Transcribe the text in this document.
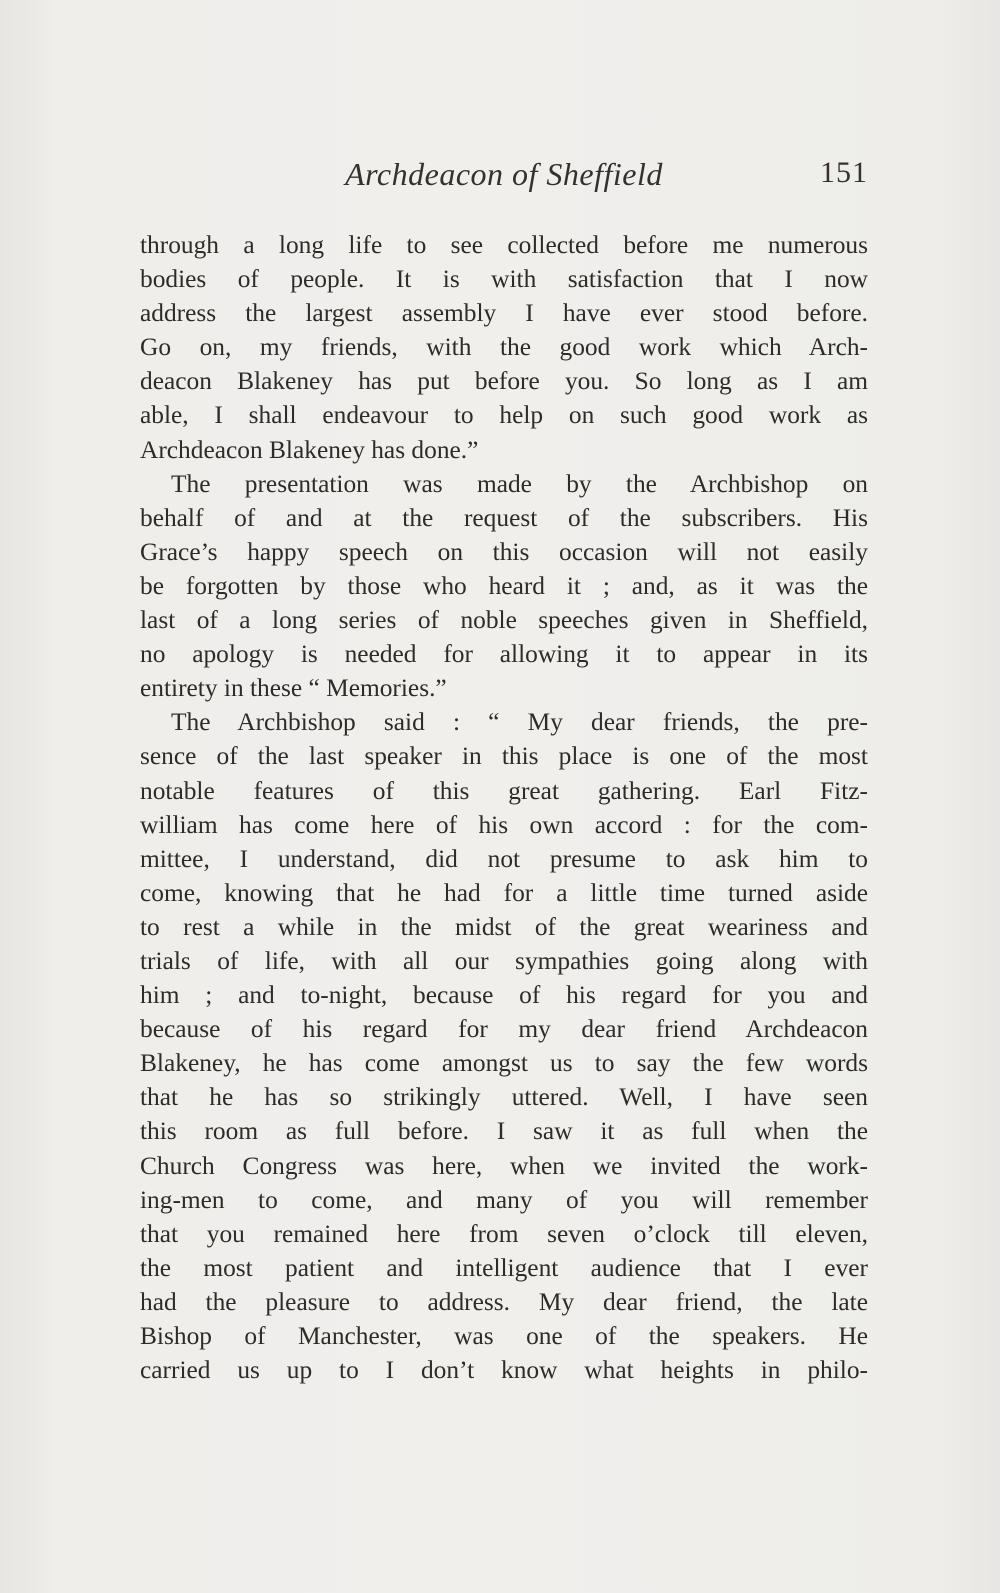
Archdeacon of Sheffield	151
through a long life to see collected before me numerous
bodies of people. It is with satisfaction that I now
address the largest assembly I have ever stood before.
Go on, my friends, with the good work which Arch-
deacon Blakeney has put before you. So long as I am
able, I shall endeavour to help on such good work as
Archdeacon Blakeney has done.”
The presentation was made by the Archbishop on
behalf of and at the request of the subscribers. His
Grace’s happy speech on this occasion will not easily
be forgotten by those who heard it ; and, as it was the
last of a long series of noble speeches given in Sheffield,
no apology is needed for allowing it to appear in its
entirety in these “ Memories.”
The Archbishop said : “ My dear friends, the pre-
sence of the last speaker in this place is one of the most
notable features of this great gathering. Earl Fitz-
william has come here of his own accord : for the com-
mittee, I understand, did not presume to ask him to
come, knowing that he had for a little time turned aside
to rest a while in the midst of the great weariness and
trials of life, with all our sympathies going along with
him ; and to-night, because of his regard for you and
because of his regard for my dear friend Archdeacon
Blakeney, he has come amongst us to say the few words
that he has so strikingly uttered. Well, I have seen
this room as full before. I saw it as full when the
Church Congress was here, when we invited the work-
ing-men to come, and many of you will remember
that you remained here from seven o’clock till eleven,
the most patient and intelligent audience that I ever
had the pleasure to address. My dear friend, the late
Bishop of Manchester, was one of the speakers. He
carried us up to I don’t know what heights in philo-
